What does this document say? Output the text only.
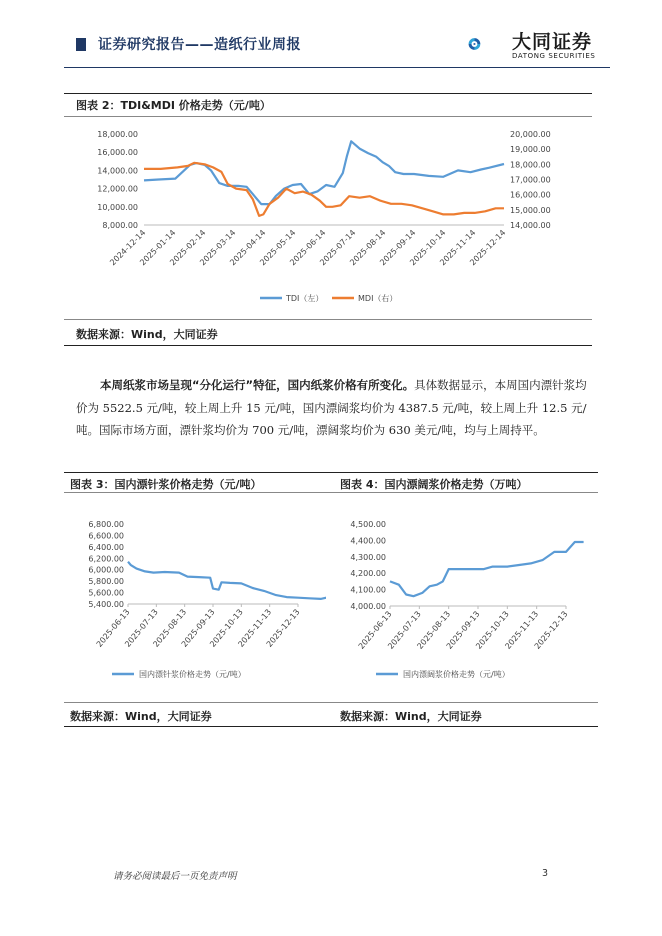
证券研究报告——造纸行业周报	大同证券
DATONG SECURITIES
图表 2：TDI&MDI 价格走势（元/吨）
18,000.00
16,000.00
14,000.00
12,000.00
10,000.00
8,000.00
20,000.00
19,000.00
18,000.00
17,000.00
16,000.00
15,000.00
14,000.00
2024-12-14
2025-01-14
2025-02-14
2025-03-14
2025-04-14
2025-05-14
2025-06-14
2025-07-14
2025-08-14
2025-09-14
2025-10-14
2025-11-14
2025-12-14
TDI（左）	MDI（右）
数据来源：Wind，大同证券
本周纸浆市场呈现“分化运行”特征，国内纸浆价格有所变化。具体数据显示，本周国内漂针浆均价为 5522.5 元/吨，较上周上升 15 元/吨，国内漂阔浆均价为 4387.5 元/吨，较上周上升 12.5 元/吨。国际市场方面，漂针浆均价为 700 元/吨，漂阔浆均价为 630 美元/吨，均与上周持平。
图表 3：国内漂针浆价格走势（元/吨）	图表 4：国内漂阔浆价格走势（万吨）
6,800.00
6,600.00
6,400.00
6,200.00
6,000.00
5,800.00
5,600.00
5,400.00
2025-06-13
2025-07-13
2025-08-13
2025-09-13
2025-10-13
2025-11-13
2025-12-13
国内漂针浆价格走势（元/吨）
4,500.00
4,400.00
4,300.00
4,200.00
4,100.00
4,000.00
2025-06-13
2025-07-13
2025-08-13
2025-09-13
2025-10-13
2025-11-13
2025-12-13
国内漂阔浆价格走势（元/吨）
数据来源：Wind，大同证券	数据来源：Wind，大同证券
请务必阅读最后一页免责声明	3
